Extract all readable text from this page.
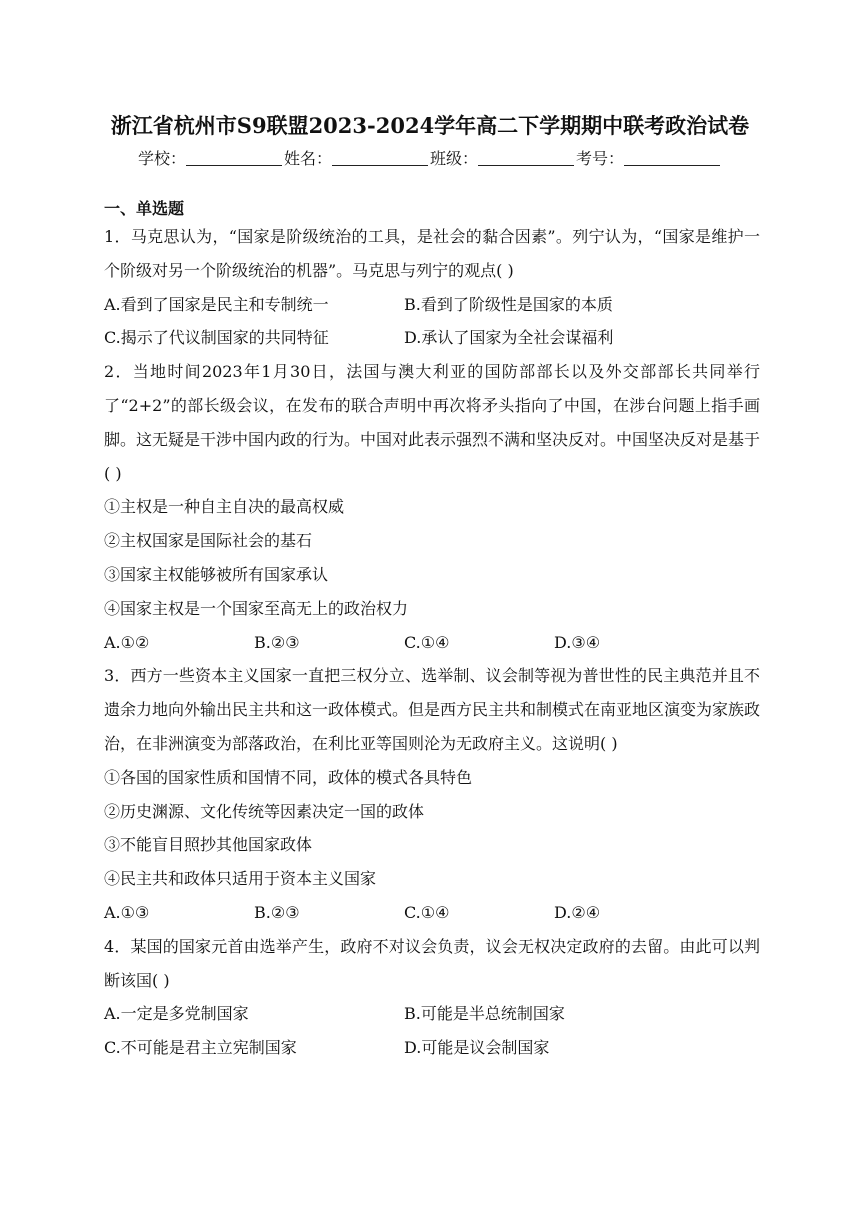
浙江省杭州市S9联盟2023-2024学年高二下学期期中联考政治试卷
学校：	姓名：	班级：	考号：
一、单选题

1．马克思认为，“国家是阶级统治的工具，是社会的黏合因素”。列宁认为，“国家是维护一个阶级对另一个阶级统治的机器”。马克思与列宁的观点( )

A.看到了国家是民主和专制统一	B.看到了阶级性是国家的本质
C.揭示了代议制国家的共同特征	D.承认了国家为全社会谋福利

2．当地时间2023年1月30日，法国与澳大利亚的国防部部长以及外交部部长共同举行了“2+2”的部长级会议，在发布的联合声明中再次将矛头指向了中国，在涉台问题上指手画脚。这无疑是干涉中国内政的行为。中国对此表示强烈不满和坚决反对。中国坚决反对是基于( )

①主权是一种自主自决的最高权威

②主权国家是国际社会的基石

③国家主权能够被所有国家承认

④国家主权是一个国家至高无上的政治权力

A.①②	B.②③	C.①④	D.③④

3．西方一些资本主义国家一直把三权分立、选举制、议会制等视为普世性的民主典范并且不遗余力地向外输出民主共和这一政体模式。但是西方民主共和制模式在南亚地区演变为家族政治，在非洲演变为部落政治，在利比亚等国则沦为无政府主义。这说明( )

①各国的国家性质和国情不同，政体的模式各具特色

②历史渊源、文化传统等因素决定一国的政体

③不能盲目照抄其他国家政体

④民主共和政体只适用于资本主义国家

A.①③	B.②③	C.①④	D.②④

4．某国的国家元首由选举产生，政府不对议会负责，议会无权决定政府的去留。由此可以判断该国( )

A.一定是多党制国家	B.可能是半总统制国家
C.不可能是君主立宪制国家	D.可能是议会制国家
